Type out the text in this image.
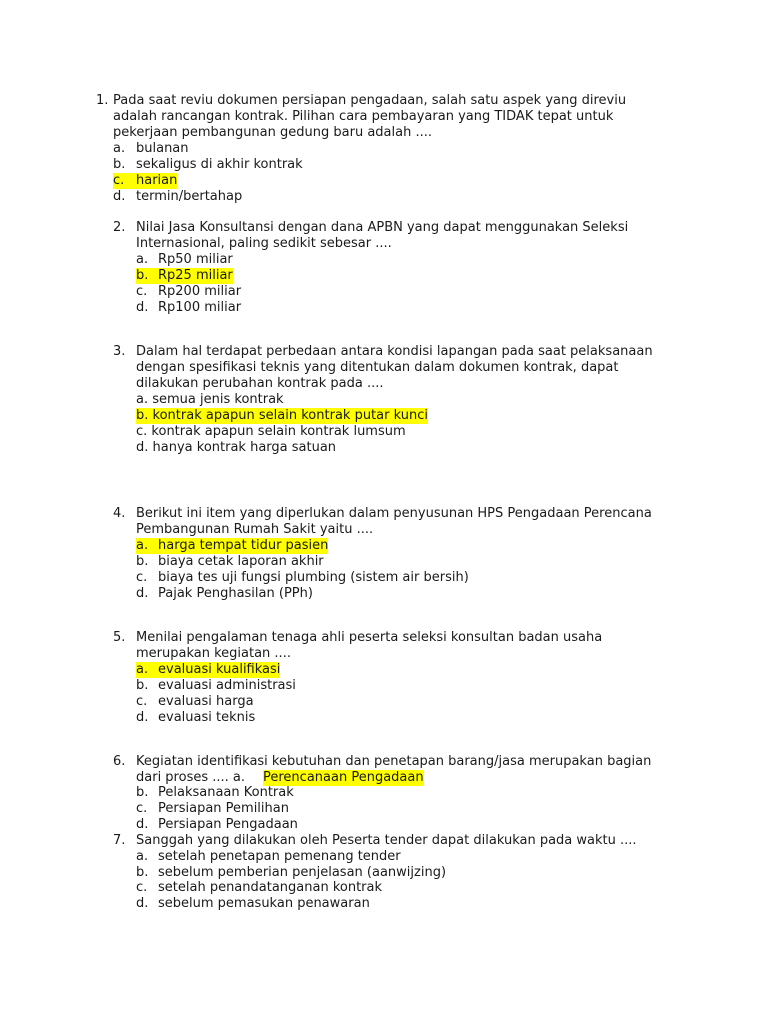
1. Pada saat reviu dokumen persiapan pengadaan, salah satu aspek yang direviu
adalah rancangan kontrak. Pilihan cara pembayaran yang TIDAK tepat untuk
pekerjaan pembangunan gedung baru adalah ....
a. bulanan
b. sekaligus di akhir kontrak
c. harian
d. termin/bertahap
2. Nilai Jasa Konsultansi dengan dana APBN yang dapat menggunakan Seleksi
Internasional, paling sedikit sebesar ....
a. Rp50 miliar
b. Rp25 miliar
c. Rp200 miliar
d. Rp100 miliar
3. Dalam hal terdapat perbedaan antara kondisi lapangan pada saat pelaksanaan
dengan spesifikasi teknis yang ditentukan dalam dokumen kontrak, dapat
dilakukan perubahan kontrak pada ....
a. semua jenis kontrak
b. kontrak apapun selain kontrak putar kunci
c. kontrak apapun selain kontrak lumsum
d. hanya kontrak harga satuan
4. Berikut ini item yang diperlukan dalam penyusunan HPS Pengadaan Perencana
Pembangunan Rumah Sakit yaitu ....
a. harga tempat tidur pasien
b. biaya cetak laporan akhir
c. biaya tes uji fungsi plumbing (sistem air bersih)
d. Pajak Penghasilan (PPh)
5. Menilai pengalaman tenaga ahli peserta seleksi konsultan badan usaha
merupakan kegiatan ....
a. evaluasi kualifikasi
b. evaluasi administrasi
c. evaluasi harga
d. evaluasi teknis
6. Kegiatan identifikasi kebutuhan dan penetapan barang/jasa merupakan bagian
dari proses .... a. Perencanaan Pengadaan
b. Pelaksanaan Kontrak
c. Persiapan Pemilihan
d. Persiapan Pengadaan
7. Sanggah yang dilakukan oleh Peserta tender dapat dilakukan pada waktu ....
a. setelah penetapan pemenang tender
b. sebelum pemberian penjelasan (aanwijzing)
c. setelah penandatanganan kontrak
d. sebelum pemasukan penawaran
